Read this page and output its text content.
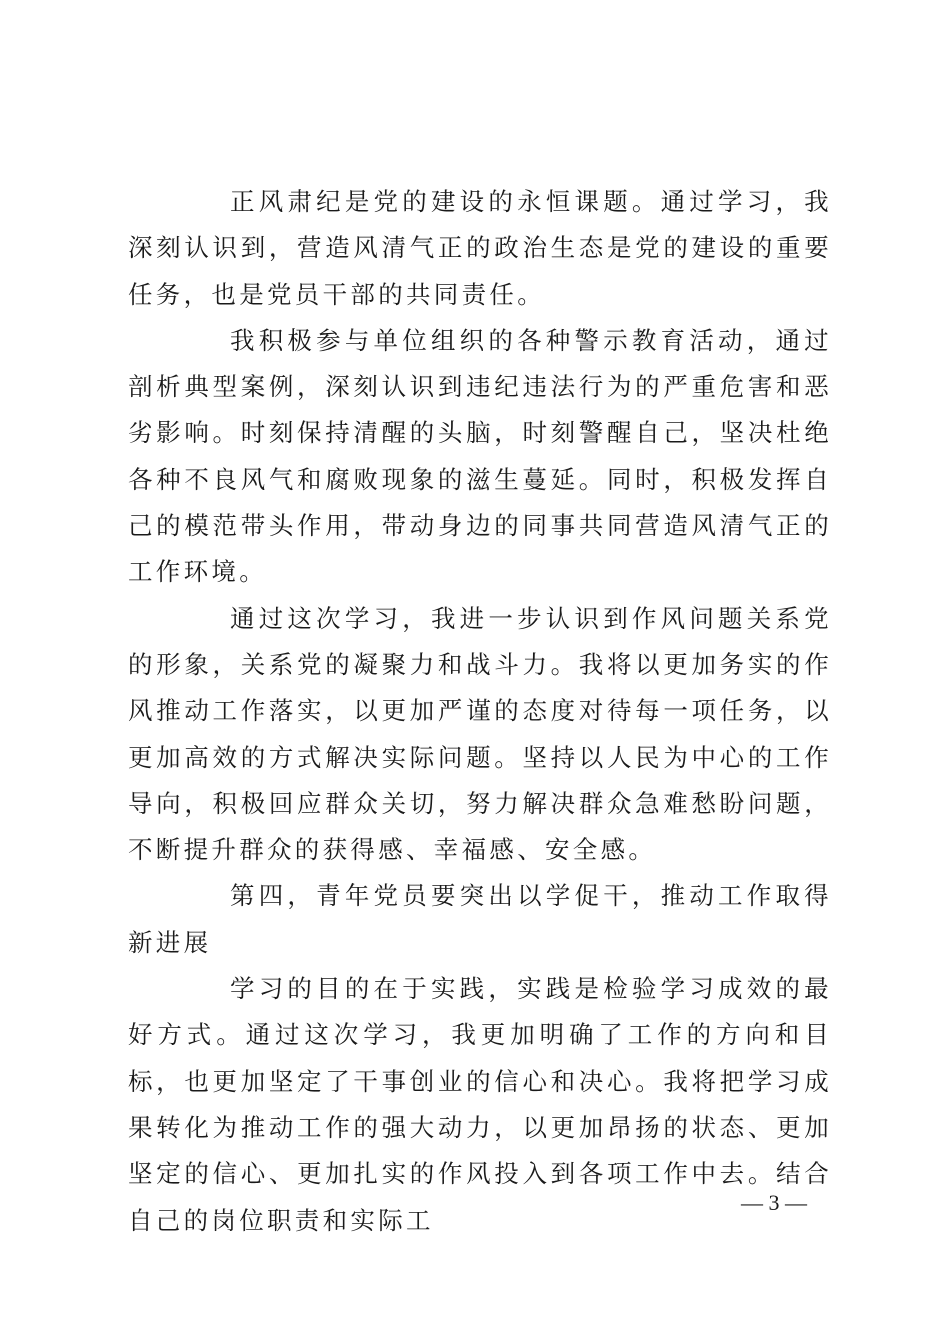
正风肃纪是党的建设的永恒课题。通过学习，我深刻认识到，营造风清气正的政治生态是党的建设的重要任务，也是党员干部的共同责任。

我积极参与单位组织的各种警示教育活动，通过剖析典型案例，深刻认识到违纪违法行为的严重危害和恶劣影响。时刻保持清醒的头脑，时刻警醒自己，坚决杜绝各种不良风气和腐败现象的滋生蔓延。同时，积极发挥自己的模范带头作用，带动身边的同事共同营造风清气正的工作环境。

通过这次学习，我进一步认识到作风问题关系党的形象，关系党的凝聚力和战斗力。我将以更加务实的作风推动工作落实，以更加严谨的态度对待每一项任务，以更加高效的方式解决实际问题。坚持以人民为中心的工作导向，积极回应群众关切，努力解决群众急难愁盼问题，不断提升群众的获得感、幸福感、安全感。

第四，青年党员要突出以学促干，推动工作取得新进展

学习的目的在于实践，实践是检验学习成效的最好方式。通过这次学习，我更加明确了工作的方向和目标，也更加坚定了干事创业的信心和决心。我将把学习成果转化为推动工作的强大动力，以更加昂扬的状态、更加坚定的信心、更加扎实的作风投入到各项工作中去。结合自己的岗位职责和实际工

— 3 —
